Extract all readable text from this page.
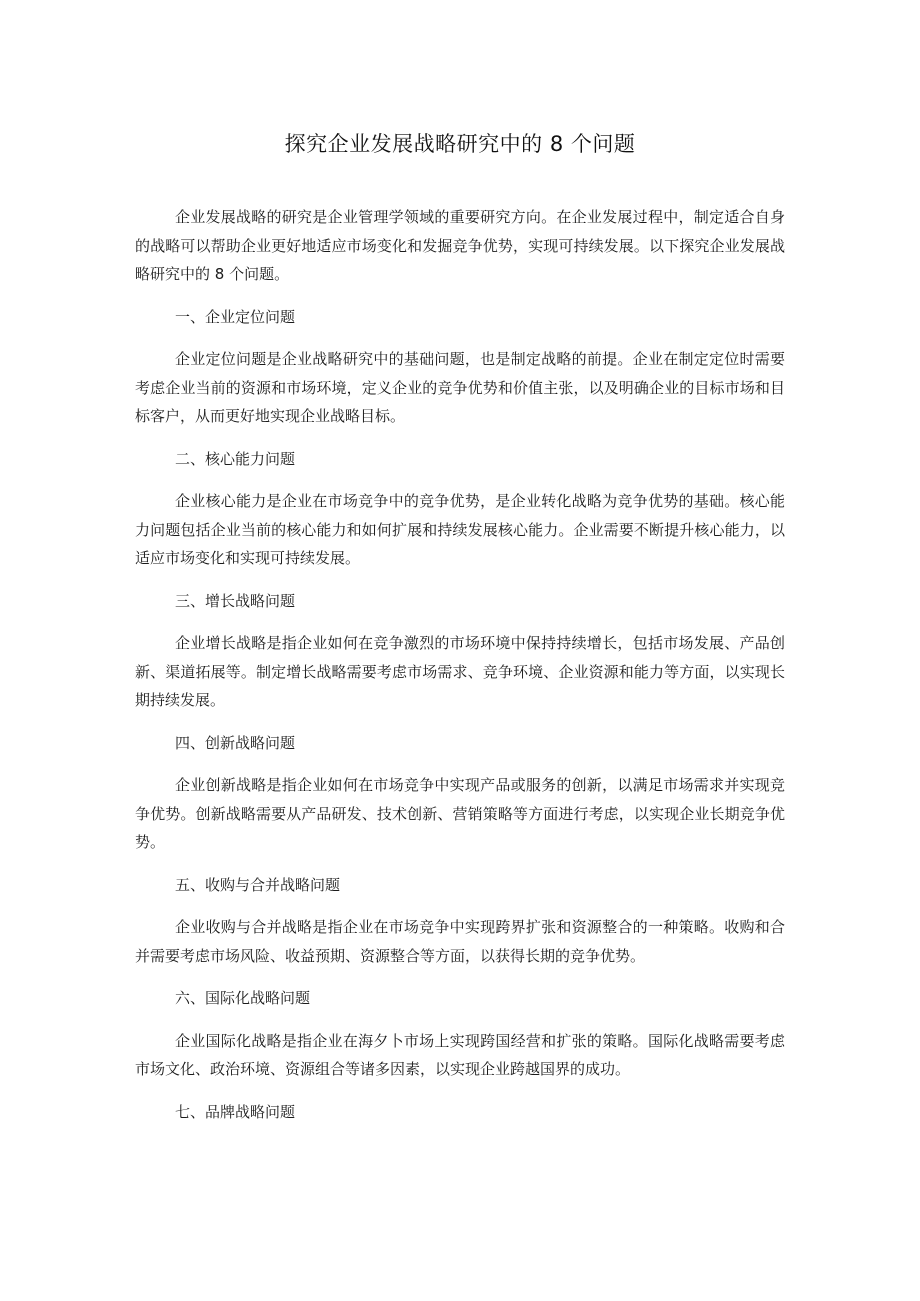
探究企业发展战略研究中的 8 个问题

企业发展战略的研究是企业管理学领域的重要研究方向。在企业发展过程中，制定适合自身的战略可以帮助企业更好地适应市场变化和发掘竞争优势，实现可持续发展。以下探究企业发展战略研究中的 8 个问题。

一、企业定位问题

企业定位问题是企业战略研究中的基础问题，也是制定战略的前提。企业在制定定位时需要考虑企业当前的资源和市场环境，定义企业的竞争优势和价值主张，以及明确企业的目标市场和目标客户，从而更好地实现企业战略目标。

二、核心能力问题

企业核心能力是企业在市场竞争中的竞争优势，是企业转化战略为竞争优势的基础。核心能力问题包括企业当前的核心能力和如何扩展和持续发展核心能力。企业需要不断提升核心能力，以适应市场变化和实现可持续发展。

三、增长战略问题

企业增长战略是指企业如何在竞争激烈的市场环境中保持持续增长，包括市场发展、产品创新、渠道拓展等。制定增长战略需要考虑市场需求、竞争环境、企业资源和能力等方面，以实现长期持续发展。

四、创新战略问题

企业创新战略是指企业如何在市场竞争中实现产品或服务的创新，以满足市场需求并实现竞争优势。创新战略需要从产品研发、技术创新、营销策略等方面进行考虑，以实现企业长期竞争优势。

五、收购与合并战略问题

企业收购与合并战略是指企业在市场竞争中实现跨界扩张和资源整合的一种策略。收购和合并需要考虑市场风险、收益预期、资源整合等方面，以获得长期的竞争优势。

六、国际化战略问题

企业国际化战略是指企业在海夕卜市场上实现跨国经营和扩张的策略。国际化战略需要考虑市场文化、政治环境、资源组合等诸多因素，以实现企业跨越国界的成功。

七、品牌战略问题
